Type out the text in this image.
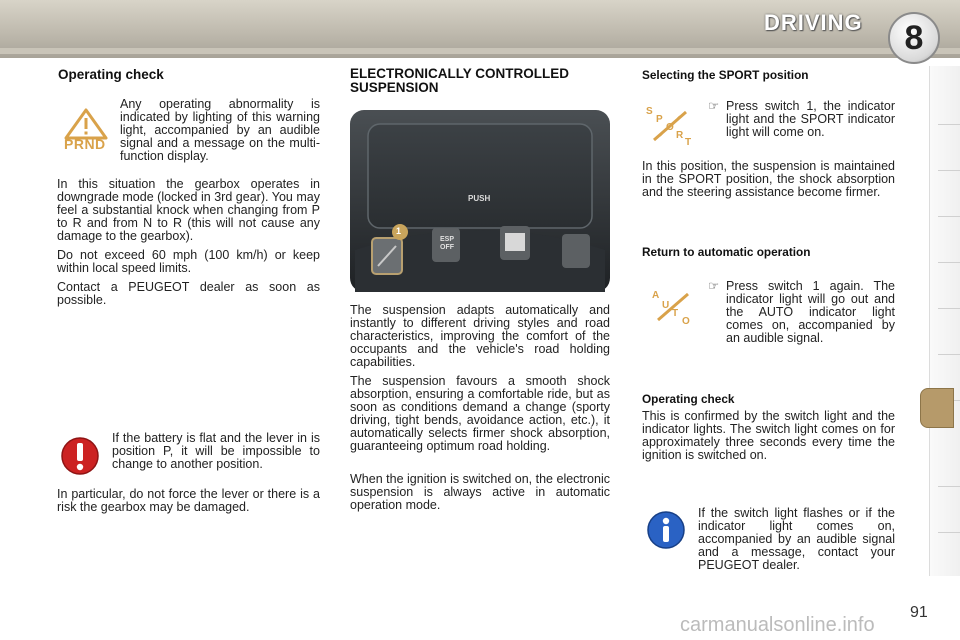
DRIVING	8
Operating check
PRND

Any operating abnormality is indicated by lighting of this warning light, accompanied by an audible signal and a message on the multi-function display.

In this situation the gearbox operates in downgrade mode (locked in 3rd gear). You may feel a substantial knock when changing from P to R and from N to R (this will not cause any damage to the gearbox).

Do not exceed 60 mph (100 km/h) or keep within local speed limits.

Contact a PEUGEOT dealer as soon as possible.

If the battery is flat and the lever in is position P, it will be impossible to change to another position.

In particular, do not force the lever or there is a risk the gearbox may be damaged.

ELECTRONICALLY CONTROLLED SUSPENSION
PUSH
1
ESP OFF

The suspension adapts automatically and instantly to different driving styles and road characteristics, improving the comfort of the occupants and the vehicle's road holding capabilities.

The suspension favours a smooth shock absorption, ensuring a comfortable ride, but as soon as conditions demand a change (sporty driving, tight bends, avoidance action, etc.), it automatically selects firmer shock absorption, guaranteeing optimum road holding.

When the ignition is switched on, the electronic suspension is always active in automatic operation mode.

Selecting the SPORT position
S
P
O
R
T
☞ Press switch 1, the indicator light and the SPORT indicator light will come on.

In this position, the suspension is maintained in the SPORT position, the shock absorption and the steering assistance become firmer.

Return to automatic operation
A
U
T
O
☞ Press switch 1 again. The indicator light will go out and the AUTO indicator light comes on, accompanied by an audible signal.

Operating check

This is confirmed by the switch light and the indicator lights. The switch light comes on for approximately three seconds every time the ignition is switched on.

If the switch light flashes or if the indicator light comes on, accompanied by an audible signal and a message, contact your PEUGEOT dealer.

carmanualsonline.info
91
